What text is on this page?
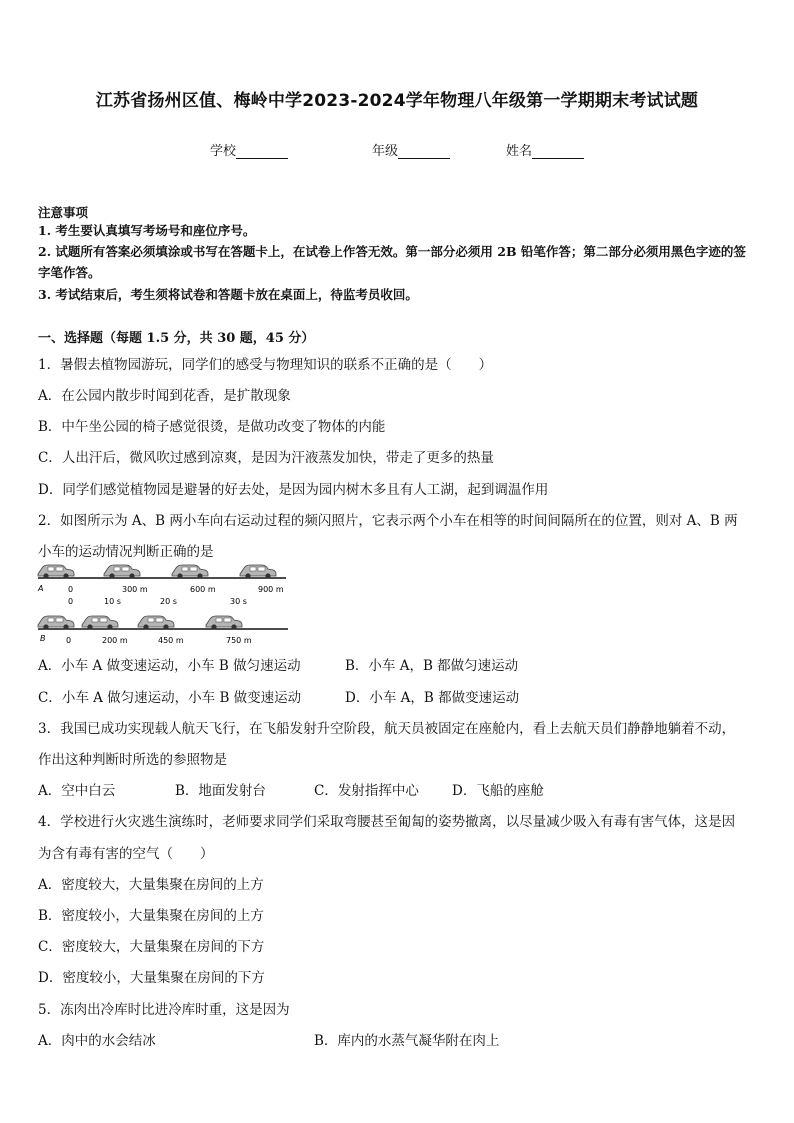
江苏省扬州区值、梅岭中学2023-2024学年物理八年级第一学期期末考试试题
学校	年级	姓名
注意事项
1. 考生要认真填写考场号和座位序号。
2. 试题所有答案必须填涂或书写在答题卡上，在试卷上作答无效。第一部分必须用 2B 铅笔作答；第二部分必须用黑色字迹的签字笔作答。
3. 考试结束后，考生须将试卷和答题卡放在桌面上，待监考员收回。
一、选择题（每题 1.5 分，共 30 题，45 分）
1．暑假去植物园游玩，同学们的感受与物理知识的联系不正确的是（　　）
A．在公园内散步时闻到花香，是扩散现象
B．中午坐公园的椅子感觉很烫，是做功改变了物体的内能
C．人出汗后，微风吹过感到凉爽，是因为汗液蒸发加快，带走了更多的热量
D．同学们感觉植物园是避暑的好去处，是因为园内树木多且有人工湖，起到调温作用
2．如图所示为 A、B 两小车向右运动过程的频闪照片，它表示两个小车在相等的时间间隔所在的位置，则对 A、B 两
小车的运动情况判断正确的是
A	0	300 m	600 m	900 m
0	10 s	20 s	30 s
B	0	200 m	450 m	750 m
A．小车 A 做变速运动，小车 B 做匀速运动	B．小车 A，B 都做匀速运动
C．小车 A 做匀速运动，小车 B 做变速运动	D．小车 A，B 都做变速运动
3．我国已成功实现载人航天飞行，在飞船发射升空阶段，航天员被固定在座舱内，看上去航天员们静静地躺着不动，
作出这种判断时所选的参照物是
A．空中白云	B．地面发射台	C．发射指挥中心 D．飞船的座舱
4．学校进行火灾逃生演练时，老师要求同学们采取弯腰甚至匍匐的姿势撤离，以尽量减少吸入有毒有害气体，这是因
为含有毒有害的空气（　　）
A．密度较大，大量集聚在房间的上方
B．密度较小，大量集聚在房间的上方
C．密度较大，大量集聚在房间的下方
D．密度较小，大量集聚在房间的下方
5．冻肉出冷库时比进冷库时重，这是因为
A．肉中的水会结冰	B．库内的水蒸气凝华附在肉上
